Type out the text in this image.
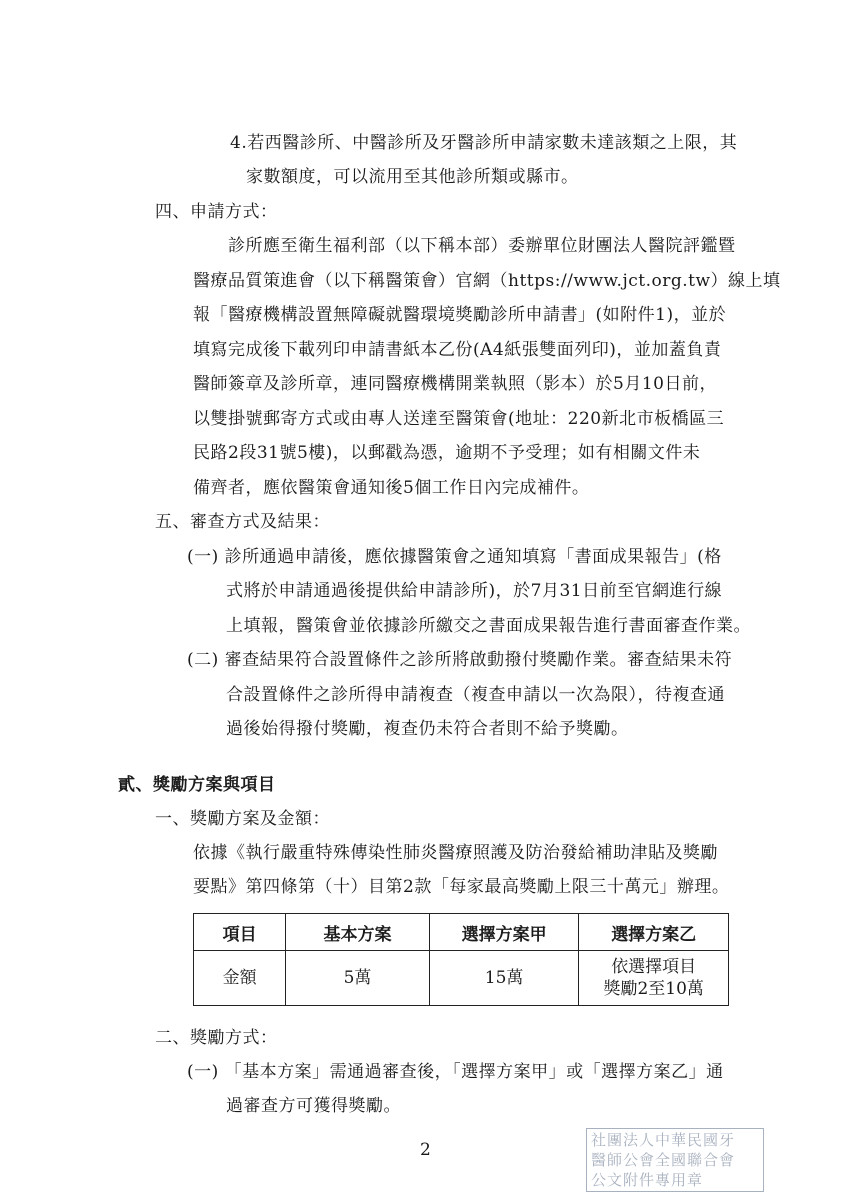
4.若西醫診所、中醫診所及牙醫診所申請家數未達該類之上限，其
家數額度，可以流用至其他診所類或縣市。
四、申請方式：
診所應至衛生福利部（以下稱本部）委辦單位財團法人醫院評鑑暨
醫療品質策進會（以下稱醫策會）官網（https://www.jct.org.tw）線上填
報「醫療機構設置無障礙就醫環境獎勵診所申請書」(如附件1)，並於
填寫完成後下載列印申請書紙本乙份(A4紙張雙面列印)，並加蓋負責
醫師簽章及診所章，連同醫療機構開業執照（影本）於5月10日前，
以雙掛號郵寄方式或由專人送達至醫策會(地址：220新北市板橋區三
民路2段31號5樓)，以郵戳為憑，逾期不予受理；如有相關文件未
備齊者，應依醫策會通知後5個工作日內完成補件。
五、審查方式及結果：
(一) 診所通過申請後，應依據醫策會之通知填寫「書面成果報告」(格
式將於申請通過後提供給申請診所)，於7月31日前至官網進行線
上填報，醫策會並依據診所繳交之書面成果報告進行書面審查作業。
(二) 審查結果符合設置條件之診所將啟動撥付獎勵作業。審查結果未符
合設置條件之診所得申請複查（複查申請以一次為限），待複查通
過後始得撥付獎勵，複查仍未符合者則不給予獎勵。
貳、獎勵方案與項目
一、獎勵方案及金額：
依據《執行嚴重特殊傳染性肺炎醫療照護及防治發給補助津貼及獎勵
要點》第四條第（十）目第2款「每家最高獎勵上限三十萬元」辦理。
項目	基本方案	選擇方案甲	選擇方案乙
金額	5萬	15萬	依選擇項目
獎勵2至10萬
二、獎勵方式：
(一) 「基本方案」需通過審查後，「選擇方案甲」或「選擇方案乙」通
過審查方可獲得獎勵。
2	社團法人中華民國牙
醫師公會全國聯合會
公文附件專用章
